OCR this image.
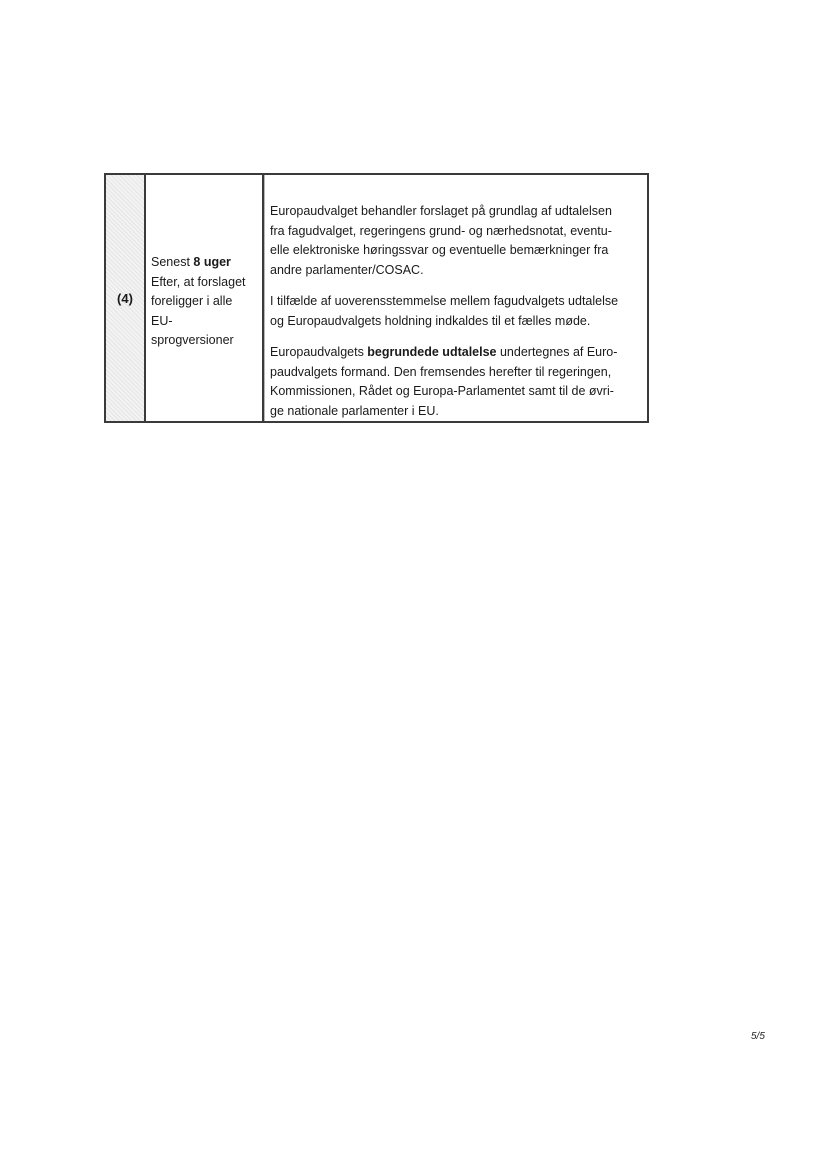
(4)
Senest 8 uger
Efter, at forslaget
foreligger i alle
EU-
sprogversioner

Europaudvalget behandler forslaget på grundlag af udtalelsen
fra fagudvalget, regeringens grund- og nærhedsnotat, eventu-
elle elektroniske høringssvar og eventuelle bemærkninger fra
andre parlamenter/COSAC.

I tilfælde af uoverensstemmelse mellem fagudvalgets udtalelse
og Europaudvalgets holdning indkaldes til et fælles møde.

Europaudvalgets begrundede udtalelse undertegnes af Euro-
paudvalgets formand. Den fremsendes herefter til regeringen,
Kommissionen, Rådet og Europa-Parlamentet samt til de øvri-
ge nationale parlamenter i EU.

5/5
